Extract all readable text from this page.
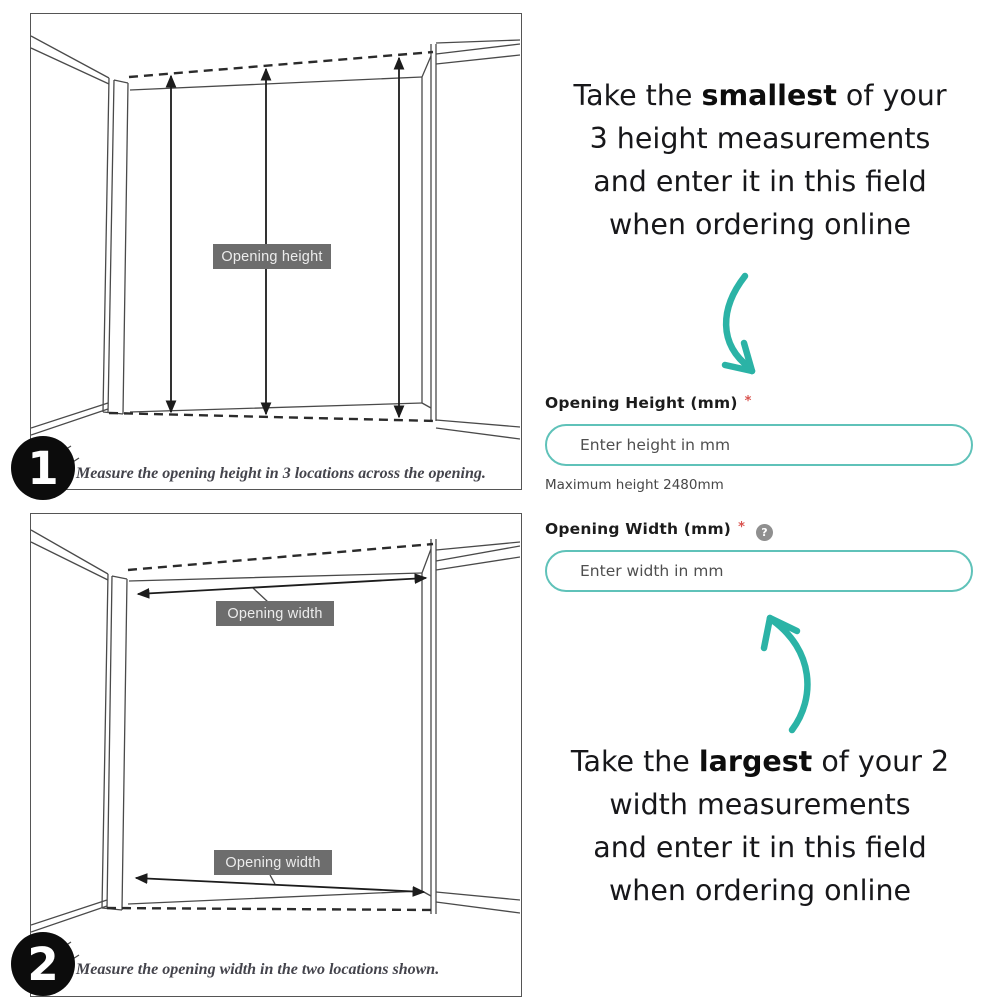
Opening height
Measure the opening height in 3 locations across the opening.
1
Opening width
Opening width
Measure the opening width in the two locations shown.
2
Take the smallest of your
3 height measurements
and enter it in this field
when ordering online
Opening Height (mm) *
Enter height in mm
Maximum height 2480mm
Opening Width (mm) * ?
Enter width in mm
Take the largest of your 2
width measurements
and enter it in this field
when ordering online
